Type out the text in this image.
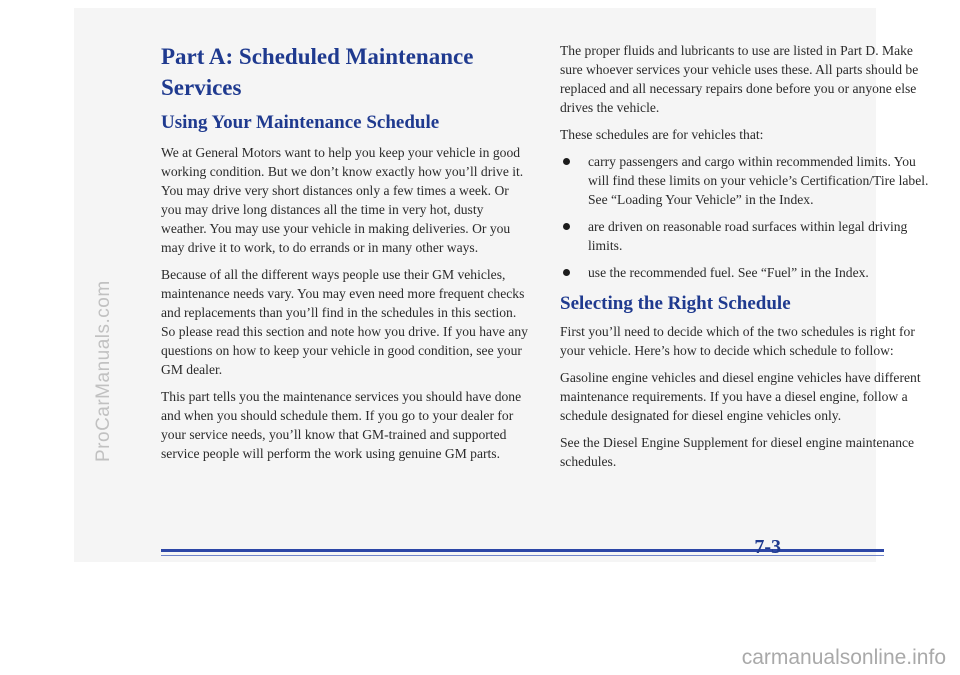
Part A: Scheduled Maintenance Services
Using Your Maintenance Schedule

We at General Motors want to help you keep your vehicle in good working condition. But we don’t know exactly how you’ll drive it. You may drive very short distances only a few times a week. Or you may drive long distances all the time in very hot, dusty weather. You may use your vehicle in making deliveries. Or you may drive it to work, to do errands or in many other ways.

Because of all the different ways people use their GM vehicles, maintenance needs vary. You may even need more frequent checks and replacements than you’ll find in the schedules in this section. So please read this section and note how you drive. If you have any questions on how to keep your vehicle in good condition, see your GM dealer.

This part tells you the maintenance services you should have done and when you should schedule them. If you go to your dealer for your service needs, you’ll know that GM-trained and supported service people will perform the work using genuine GM parts.

The proper fluids and lubricants to use are listed in Part D. Make sure whoever services your vehicle uses these. All parts should be replaced and all necessary repairs done before you or anyone else drives the vehicle.

These schedules are for vehicles that:

carry passengers and cargo within recommended limits. You will find these limits on your vehicle’s Certification/Tire label. See “Loading Your Vehicle” in the Index.
are driven on reasonable road surfaces within legal driving limits.
use the recommended fuel. See “Fuel” in the Index.
Selecting the Right Schedule

First you’ll need to decide which of the two schedules is right for your vehicle. Here’s how to decide which schedule to follow:

Gasoline engine vehicles and diesel engine vehicles have different maintenance requirements. If you have a diesel engine, follow a schedule designated for diesel engine vehicles only.

See the Diesel Engine Supplement for diesel engine maintenance schedules.

7-3
ProCarManuals.com
carmanualsonline.info
